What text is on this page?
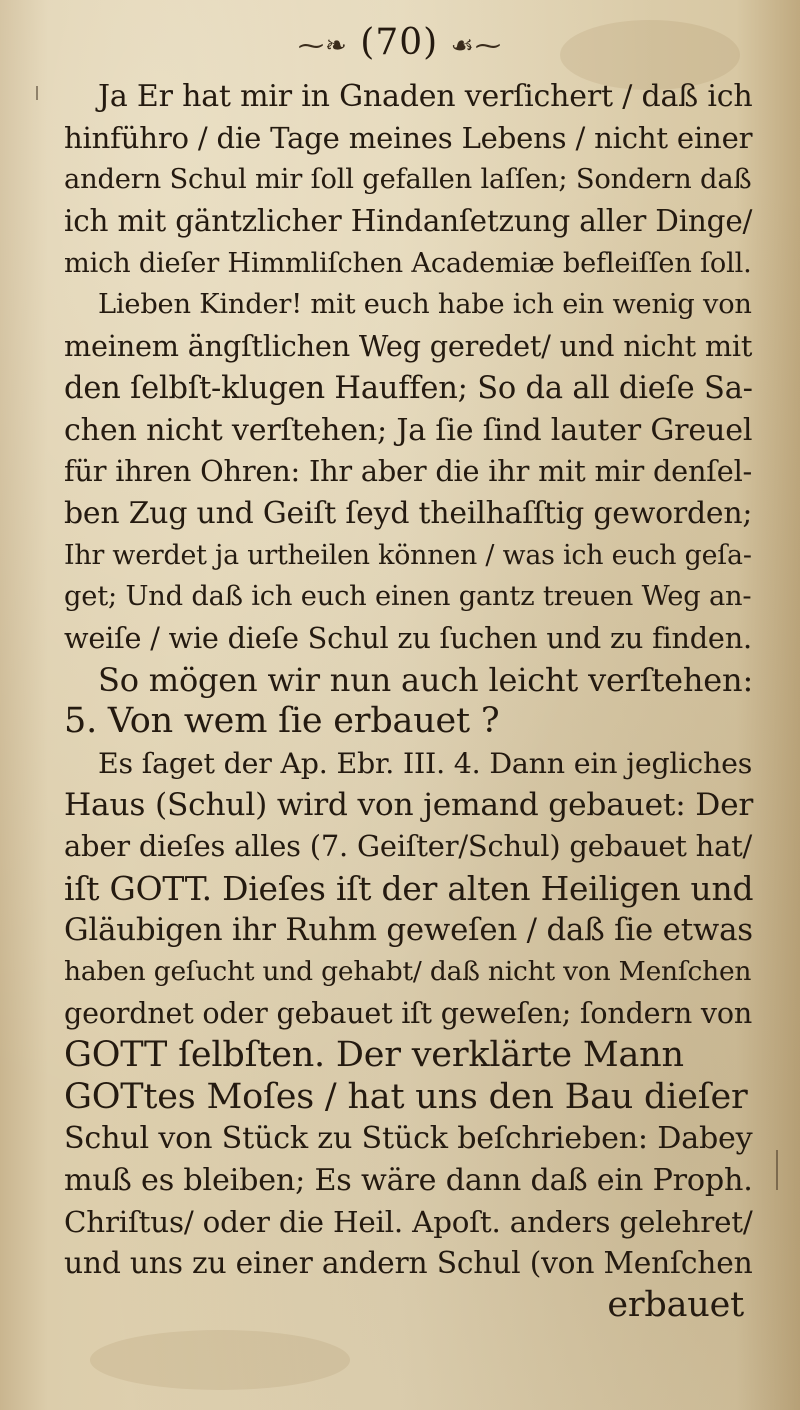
⁓❧ (70) ☙⁓
Ja Er hat mir in Gnaden verſichert / daß ich
hinführo / die Tage meines Lebens / nicht einer
andern Schul mir ſoll gefallen laſſen; Sondern daß
ich mit gäntzlicher Hindanſetzung aller Dinge/
mich dieſer Himmliſchen Academiæ befleiſſen ſoll.
Lieben Kinder! mit euch habe ich ein wenig von
meinem ängſtlichen Weg geredet/ und nicht mit
den ſelbſt-klugen Hauffen; So da all dieſe Sa-
chen nicht verſtehen; Ja ſie ſind lauter Greuel
für ihren Ohren: Ihr aber die ihr mit mir denſel-
ben Zug und Geiſt ſeyd theilhaſſtig geworden;
Ihr werdet ja urtheilen können / was ich euch geſa-
get; Und daß ich euch einen gantz treuen Weg an-
weiſe / wie dieſe Schul zu ſuchen und zu finden.
So mögen wir nun auch leicht verſtehen:
5. Von wem ſie erbauet ?
Es ſaget der Ap. Ebr. III. 4. Dann ein jegliches
Haus (Schul) wird von jemand gebauet: Der
aber dieſes alles (7. Geiſter/Schul) gebauet hat/
iſt GOTT. Dieſes iſt der alten Heiligen und
Gläubigen ihr Ruhm geweſen / daß ſie etwas
haben geſucht und gehabt/ daß nicht von Menſchen
geordnet oder gebauet iſt geweſen; ſondern von
GOTT ſelbſten. Der verklärte Mann
GOTtes Moſes / hat uns den Bau dieſer
Schul von Stück zu Stück beſchrieben: Dabey
muß es bleiben; Es wäre dann daß ein Proph.
Chriſtus/ oder die Heil. Apoſt. anders gelehret/
und uns zu einer andern Schul (von Menſchen
erbauet
